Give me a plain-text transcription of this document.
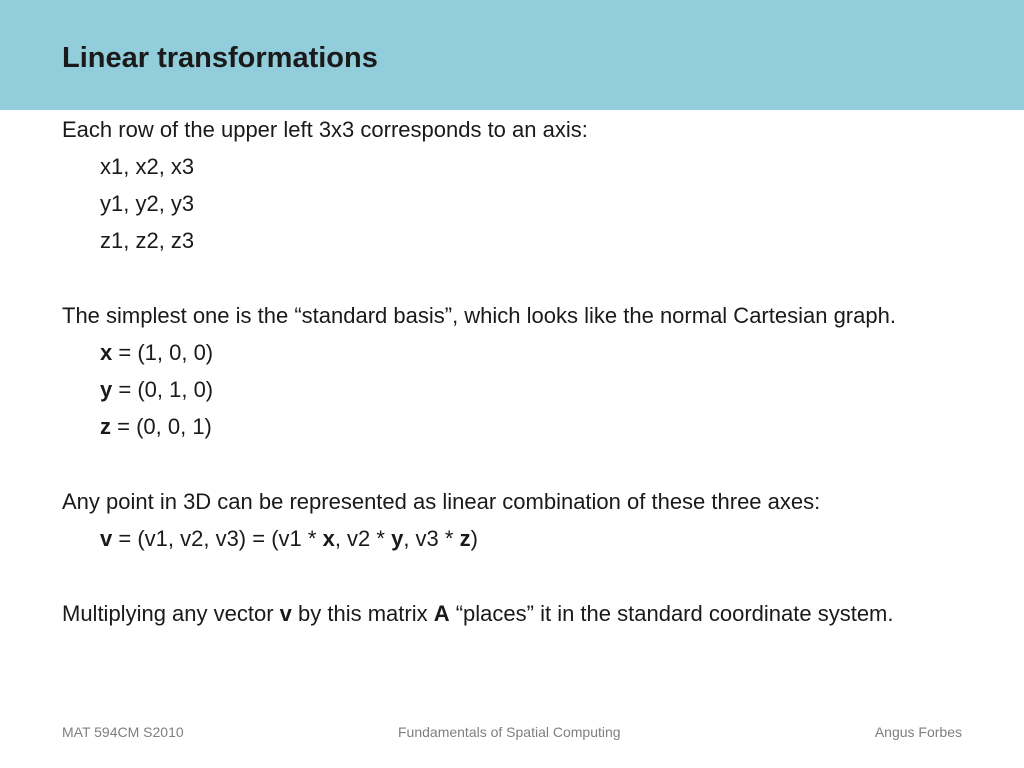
Linear transformations
Each row of the upper left 3x3 corresponds to an axis:
x1, x2, x3
y1, y2, y3
z1, z2, z3
The simplest one is the “standard basis”, which looks like the normal Cartesian graph.
x = (1, 0, 0)
y = (0, 1, 0)
z = (0, 0, 1)
Any point in 3D can be represented as linear combination of these three axes:
v = (v1, v2, v3) = (v1 * x, v2 * y, v3 * z)
Multiplying any vector v by this matrix A “places” it in the standard coordinate system.
MAT 594CM S2010	Fundamentals of Spatial Computing	Angus Forbes
